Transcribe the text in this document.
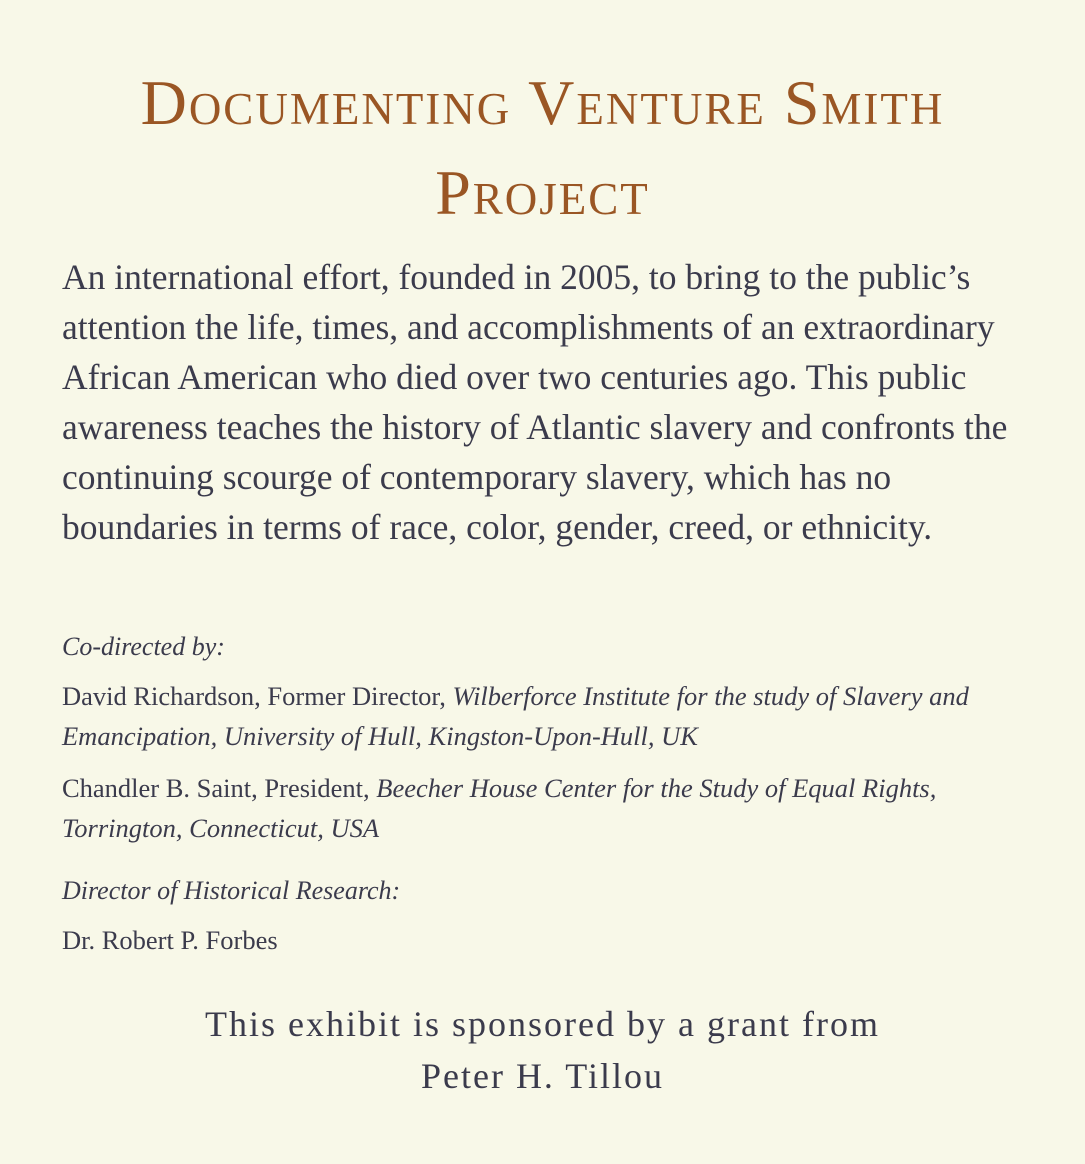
Documenting Venture Smith
Project

An international effort, founded in 2005, to bring to the public’s attention the life, times, and accomplishments of an extraordinary African American who died over two centuries ago. This public awareness teaches the history of Atlantic slavery and confronts the continuing scourge of contemporary slavery, which has no boundaries in terms of race, color, gender, creed, or ethnicity.

Co-directed by:

David Richardson, Former Director, Wilberforce Institute for the study of Slavery and Emancipation, University of Hull, Kingston-Upon-Hull, UK

Chandler B. Saint, President, Beecher House Center for the Study of Equal Rights, Torrington, Connecticut, USA

Director of Historical Research:

Dr. Robert P. Forbes

This exhibit is sponsored by a grant from
Peter H. Tillou
